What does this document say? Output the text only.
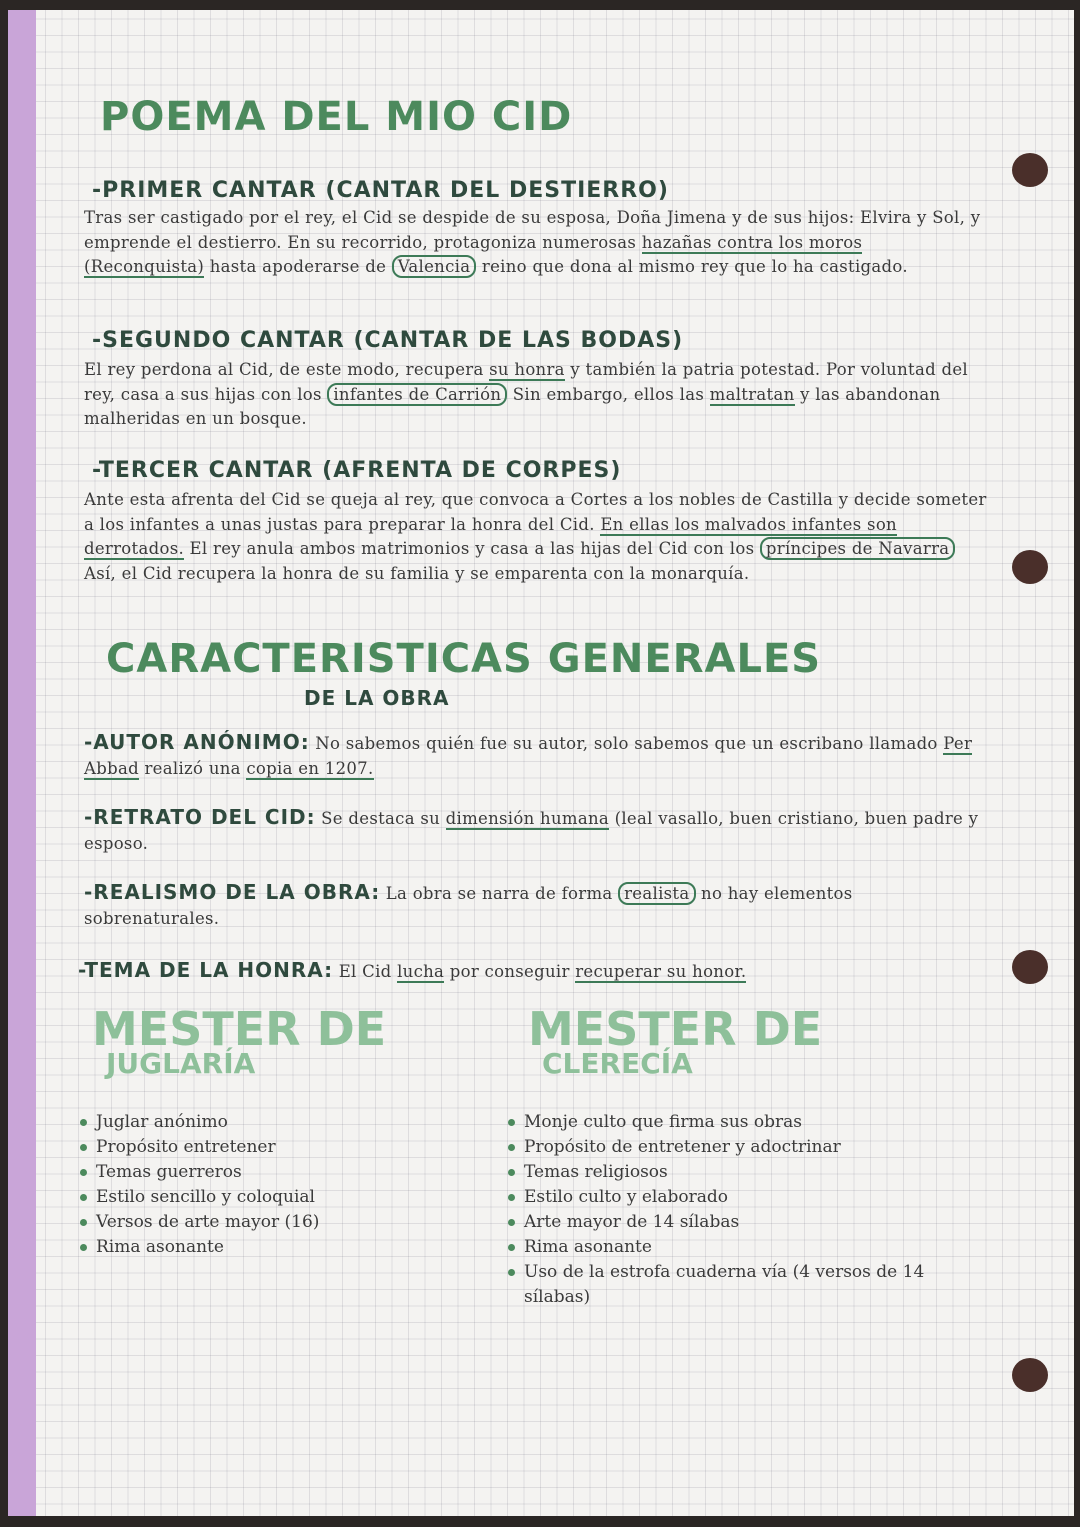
POEMA DEL MIO CID
-PRIMER CANTAR (CANTAR DEL DESTIERRO)
Tras ser castigado por el rey, el Cid se despide de su esposa, Doña Jimena y de sus hijos: Elvira y Sol, y emprende el destierro. En su recorrido, protagoniza numerosas hazañas contra los moros (Reconquista) hasta apoderarse de Valencia reino que dona al mismo rey que lo ha castigado.
-SEGUNDO CANTAR (CANTAR DE LAS BODAS)
El rey perdona al Cid, de este modo, recupera su honra y también la patria potestad. Por voluntad del rey, casa a sus hijas con los infantes de Carrión Sin embargo, ellos las maltratan y las abandonan malheridas en un bosque.
-TERCER CANTAR (AFRENTA DE CORPES)
Ante esta afrenta del Cid se queja al rey, que convoca a Cortes a los nobles de Castilla y decide someter a los infantes a unas justas para preparar la honra del Cid. En ellas los malvados infantes son derrotados. El rey anula ambos matrimonios y casa a las hijas del Cid con los príncipes de Navarra Así, el Cid recupera la honra de su familia y se emparenta con la monarquía.
CARACTERISTICAS GENERALES
DE LA OBRA
-AUTOR ANÓNIMO: No sabemos quién fue su autor, solo sabemos que un escribano llamado Per Abbad realizó una copia en 1207.
-RETRATO DEL CID: Se destaca su dimensión humana (leal vasallo, buen cristiano, buen padre y esposo.
-REALISMO DE LA OBRA: La obra se narra de forma realista no hay elementos sobrenaturales.
-TEMA DE LA HONRA: El Cid lucha por conseguir recuperar su honor.
MESTER DE
JUGLARÍA
Juglar anónimo
Propósito entretener
Temas guerreros
Estilo sencillo y coloquial
Versos de arte mayor (16)
Rima asonante
MESTER DE
CLERECÍA
Monje culto que firma sus obras
Propósito de entretener y adoctrinar
Temas religiosos
Estilo culto y elaborado
Arte mayor de 14 sílabas
Rima asonante
Uso de la estrofa cuaderna vía (4 versos de 14 sílabas)
